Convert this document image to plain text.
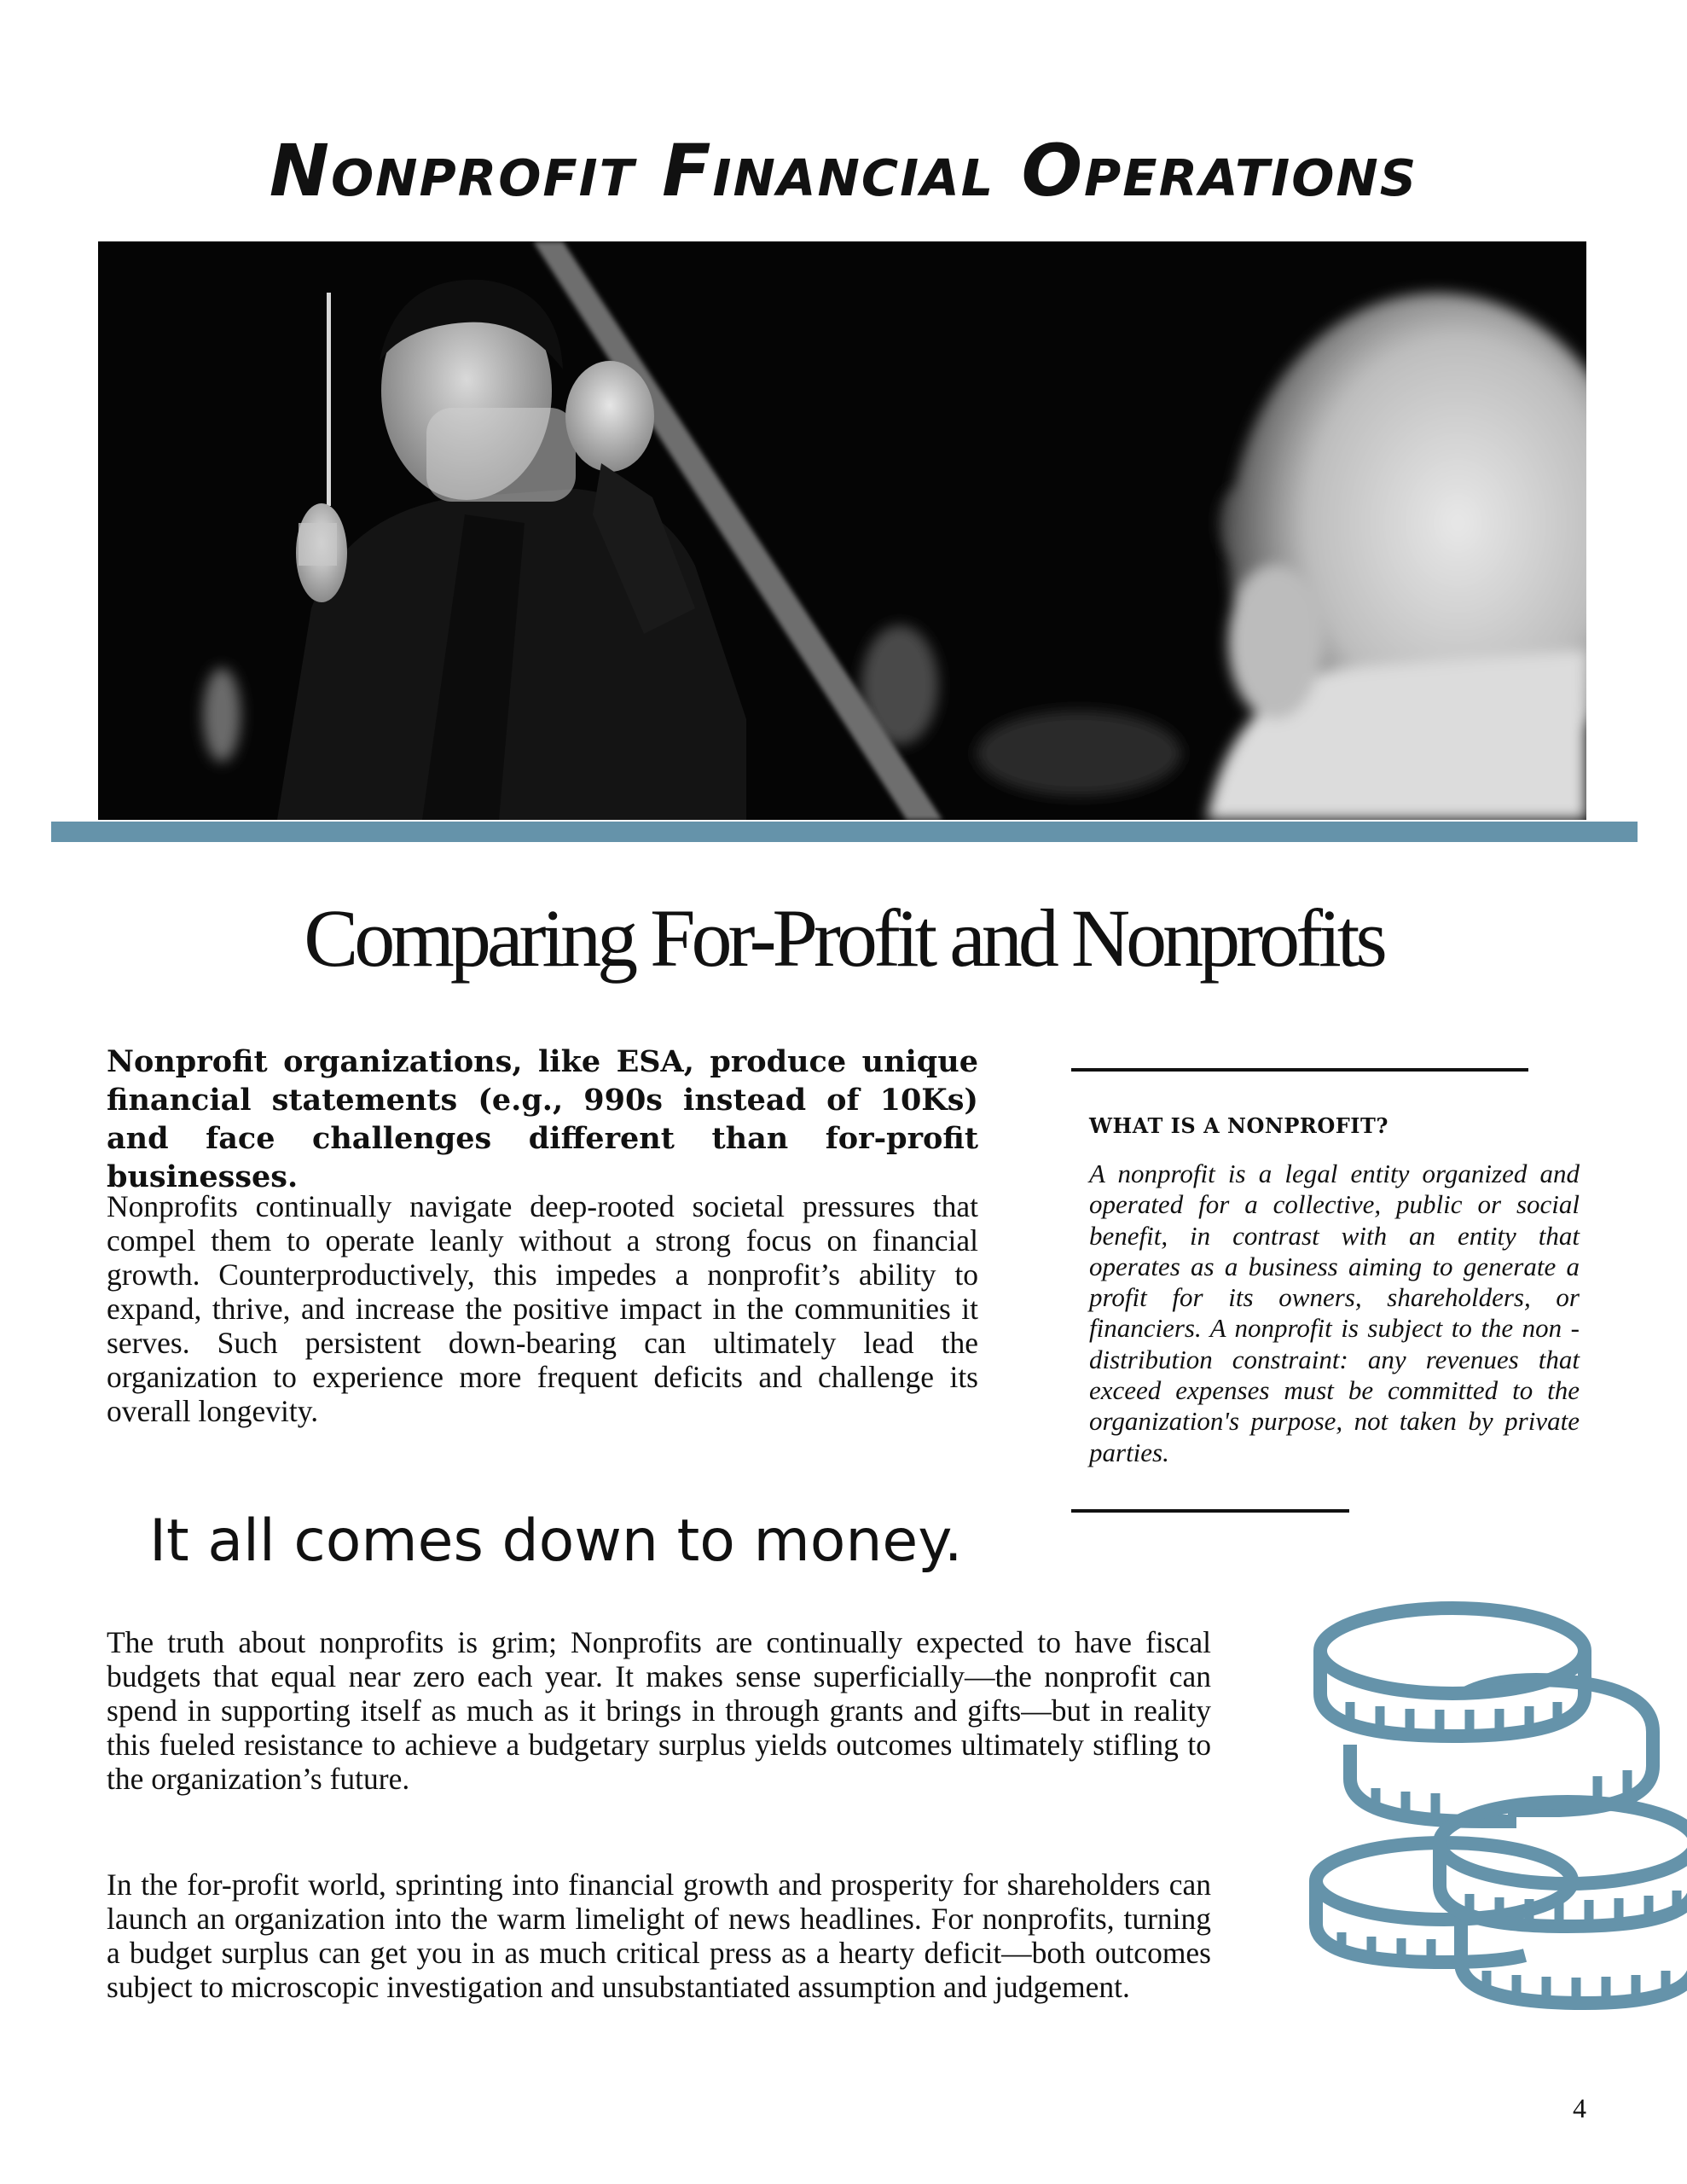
Nonprofit Financial Operations
Comparing For-Profit and Nonprofits

Nonprofit organizations, like ESA, produce unique financial statements (e.g., 990s instead of 10Ks) and face challenges different than for-profit businesses.

Nonprofits continually navigate deep-rooted societal pressures that compel them to operate leanly without a strong focus on financial growth. Counterproductively, this impedes a nonprofit’s ability to expand, thrive, and increase the positive impact in the communities it serves. Such persistent down-bearing can ultimately lead the organization to experience more frequent deficits and challenge its overall longevity.

It all comes down to money.

The truth about nonprofits is grim; Nonprofits are continually expected to have fiscal budgets that equal near zero each year. It makes sense superficially—the nonprofit can spend in supporting itself as much as it brings in through grants and gifts—but in reality this fueled resistance to achieve a budgetary surplus yields outcomes ultimately stifling to the organization’s future.

In the for-profit world, sprinting into financial growth and prosperity for shareholders can launch an organization into the warm limelight of news headlines. For nonprofits, turning a budget surplus can get you in as much critical press as a hearty deficit—both outcomes subject to microscopic investigation and unsubstantiated assumption and judgement.

WHAT IS A NONPROFIT?

A nonprofit is a legal entity organized and operated for a collective, public or social benefit, in contrast with an entity that operates as a business aiming to generate a profit for its owners, shareholders, or financiers. A nonprofit is subject to the non -distribution constraint: any revenues that exceed expenses must be committed to the organization's purpose, not taken by private parties.

4
